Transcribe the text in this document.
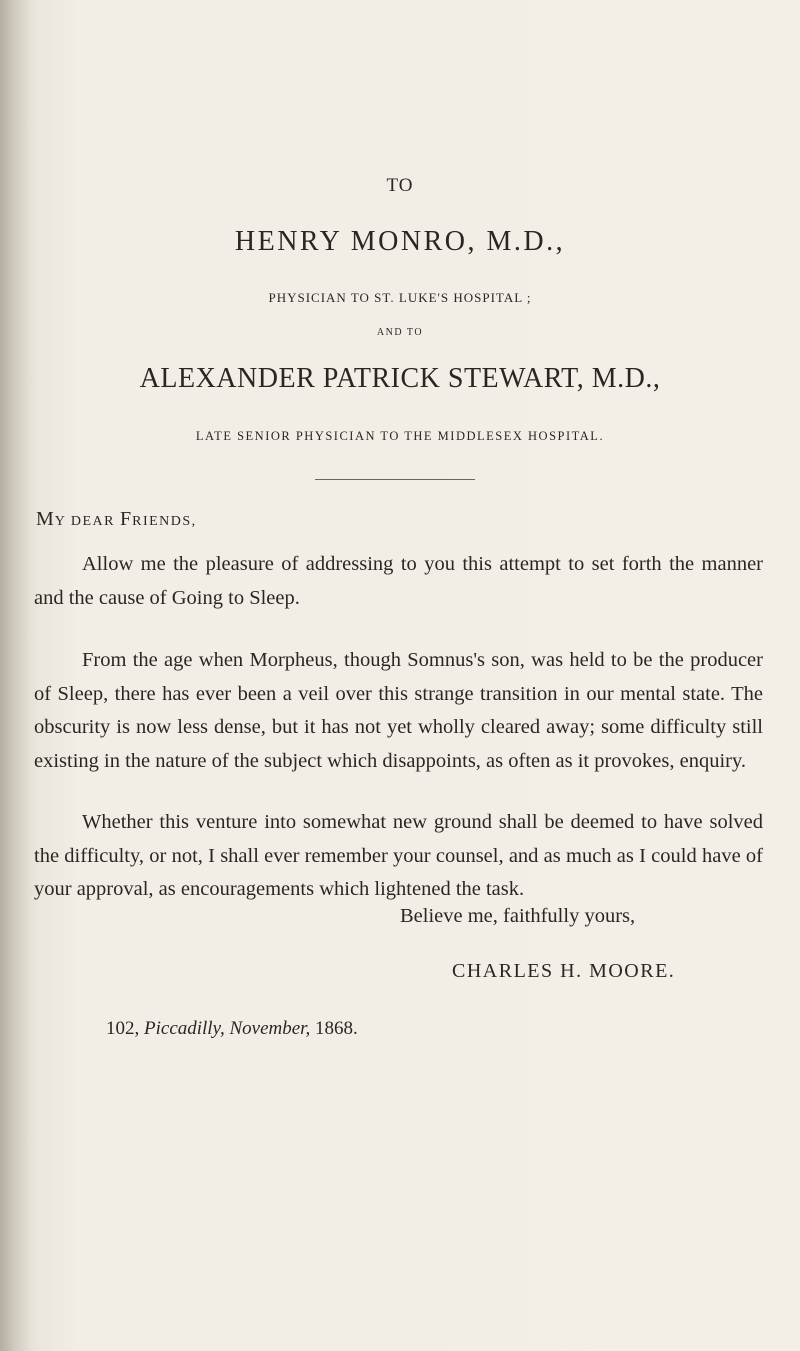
TO
HENRY MONRO, M.D.,
PHYSICIAN TO ST. LUKE'S HOSPITAL ;
AND TO
ALEXANDER PATRICK STEWART, M.D.,
LATE SENIOR PHYSICIAN TO THE MIDDLESEX HOSPITAL.
MY DEAR FRIENDS,
Allow me the pleasure of addressing to you this attempt to set forth the manner and the cause of Going to Sleep.
From the age when Morpheus, though Somnus's son, was held to be the producer of Sleep, there has ever been a veil over this strange transition in our mental state. The obscurity is now less dense, but it has not yet wholly cleared away; some difficulty still existing in the nature of the subject which disappoints, as often as it provokes, enquiry.
Whether this venture into somewhat new ground shall be deemed to have solved the difficulty, or not, I shall ever remember your counsel, and as much as I could have of your approval, as encouragements which lightened the task.
Believe me, faithfully yours,
CHARLES H. MOORE.
102, Piccadilly, November, 1868.
